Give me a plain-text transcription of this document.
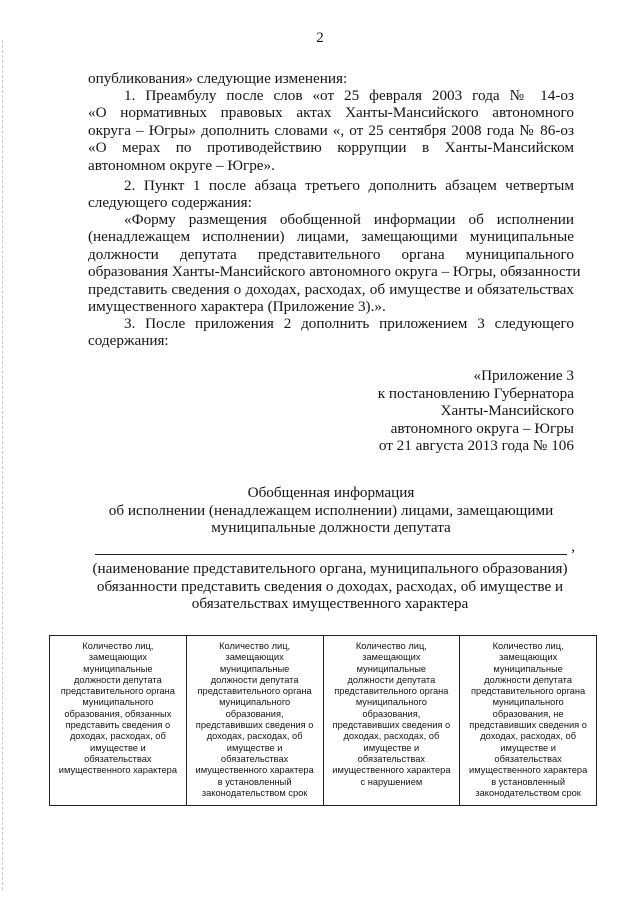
2

опубликования» следующие изменения:

1. Преамбулу после слов «от 25 февраля 2003 года № 14-оз
«О нормативных правовых актах Ханты-Мансийского автономного
округа – Югры» дополнить словами «, от 25 сентября 2008 года № 86-оз
«О мерах по противодействию коррупции в Ханты-Мансийском
автономном округе – Югре».

2. Пункт 1 после абзаца третьего дополнить абзацем четвертым
следующего содержания:

«Форму размещения обобщенной информации об исполнении
(ненадлежащем исполнении) лицами, замещающими муниципальные
должности депутата представительного органа муниципального
образования Ханты-Мансийского автономного округа – Югры, обязанности
представить сведения о доходах, расходах, об имуществе и обязательствах
имущественного характера (Приложение 3).».

3. После приложения 2 дополнить приложением 3 следующего
содержания:

«Приложение 3
к постановлению Губернатора
Ханты-Мансийского
автономного округа – Югры
от 21 августа 2013 года № 106
Обобщенная информация
об исполнении (ненадлежащем исполнении) лицами, замещающими
муниципальные должности депутата
,
(наименование представительного органа, муниципального образования)
обязанности представить сведения о доходах, расходах, об имуществе и
обязательствах имущественного характера
Количество лиц,
замещающих
муниципальные
должности депутата
представительного органа
муниципального
образования, обязанных
представить сведения о
доходах, расходах, об
имуществе и
обязательствах
имущественного характера

Количество лиц,
замещающих
муниципальные
должности депутата
представительного органа
муниципального
образования,
представивших сведения о
доходах, расходах, об
имуществе и
обязательствах
имущественного характера
в установленный
законодательством срок

Количество лиц,
замещающих
муниципальные
должности депутата
представительного органа
муниципального
образования,
представивших сведения о
доходах, расходах, об
имуществе и
обязательствах
имущественного характера
с нарушением

Количество лиц,
замещающих
муниципальные
должности депутата
представительного органа
муниципального
образования, не
представивших сведения о
доходах, расходах, об
имуществе и
обязательствах
имущественного характера
в установленный
законодательством срок
